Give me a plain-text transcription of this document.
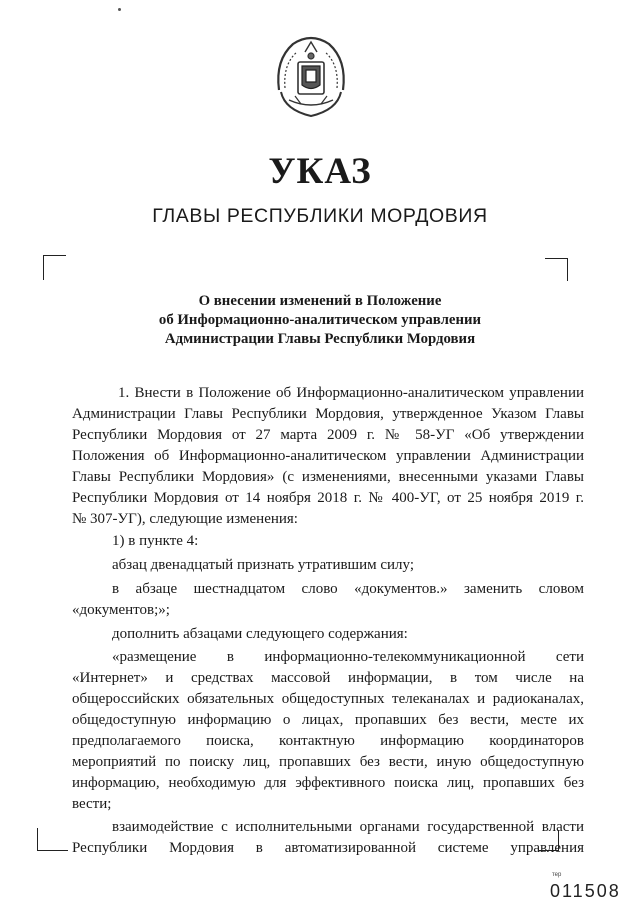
УКАЗ
ГЛАВЫ РЕСПУБЛИКИ МОРДОВИЯ
О внесении изменений в Положение
об Информационно-аналитическом управлении
Администрации Главы Республики Мордовия
1. Внести в Положение об Информационно-аналитическом управлении
Администрации Главы Республики Мордовия, утвержденное Указом Главы
Республики Мордовия от 27 марта 2009 г. № 58-УГ «Об утверждении
Положения об Информационно-аналитическом управлении Администрации
Главы Республики Мордовия» (с изменениями, внесенными указами Главы
Республики Мордовия от 14 ноября 2018 г. № 400-УГ, от 25 ноября 2019 г.
№ 307-УГ), следующие изменения:
1) в пункте 4:
абзац двенадцатый признать утратившим силу;
в абзаце шестнадцатом слово «документов.» заменить словом
«документов;»;
дополнить абзацами следующего содержания:
«размещение в информационно-телекоммуникационной сети
«Интернет» и средствах массовой информации, в том числе на
общероссийских обязательных общедоступных телеканалах и радиоканалах,
общедоступную информацию о лицах, пропавших без вести, месте их
предполагаемого поиска, контактную информацию координаторов
мероприятий по поиску лиц, пропавших без вести, иную общедоступную
информацию, необходимую для эффективного поиска лиц, пропавших без
вести;
взаимодействие с исполнительными органами государственной власти
Республики Мордовия в автоматизированной системе управления
тер
011508
